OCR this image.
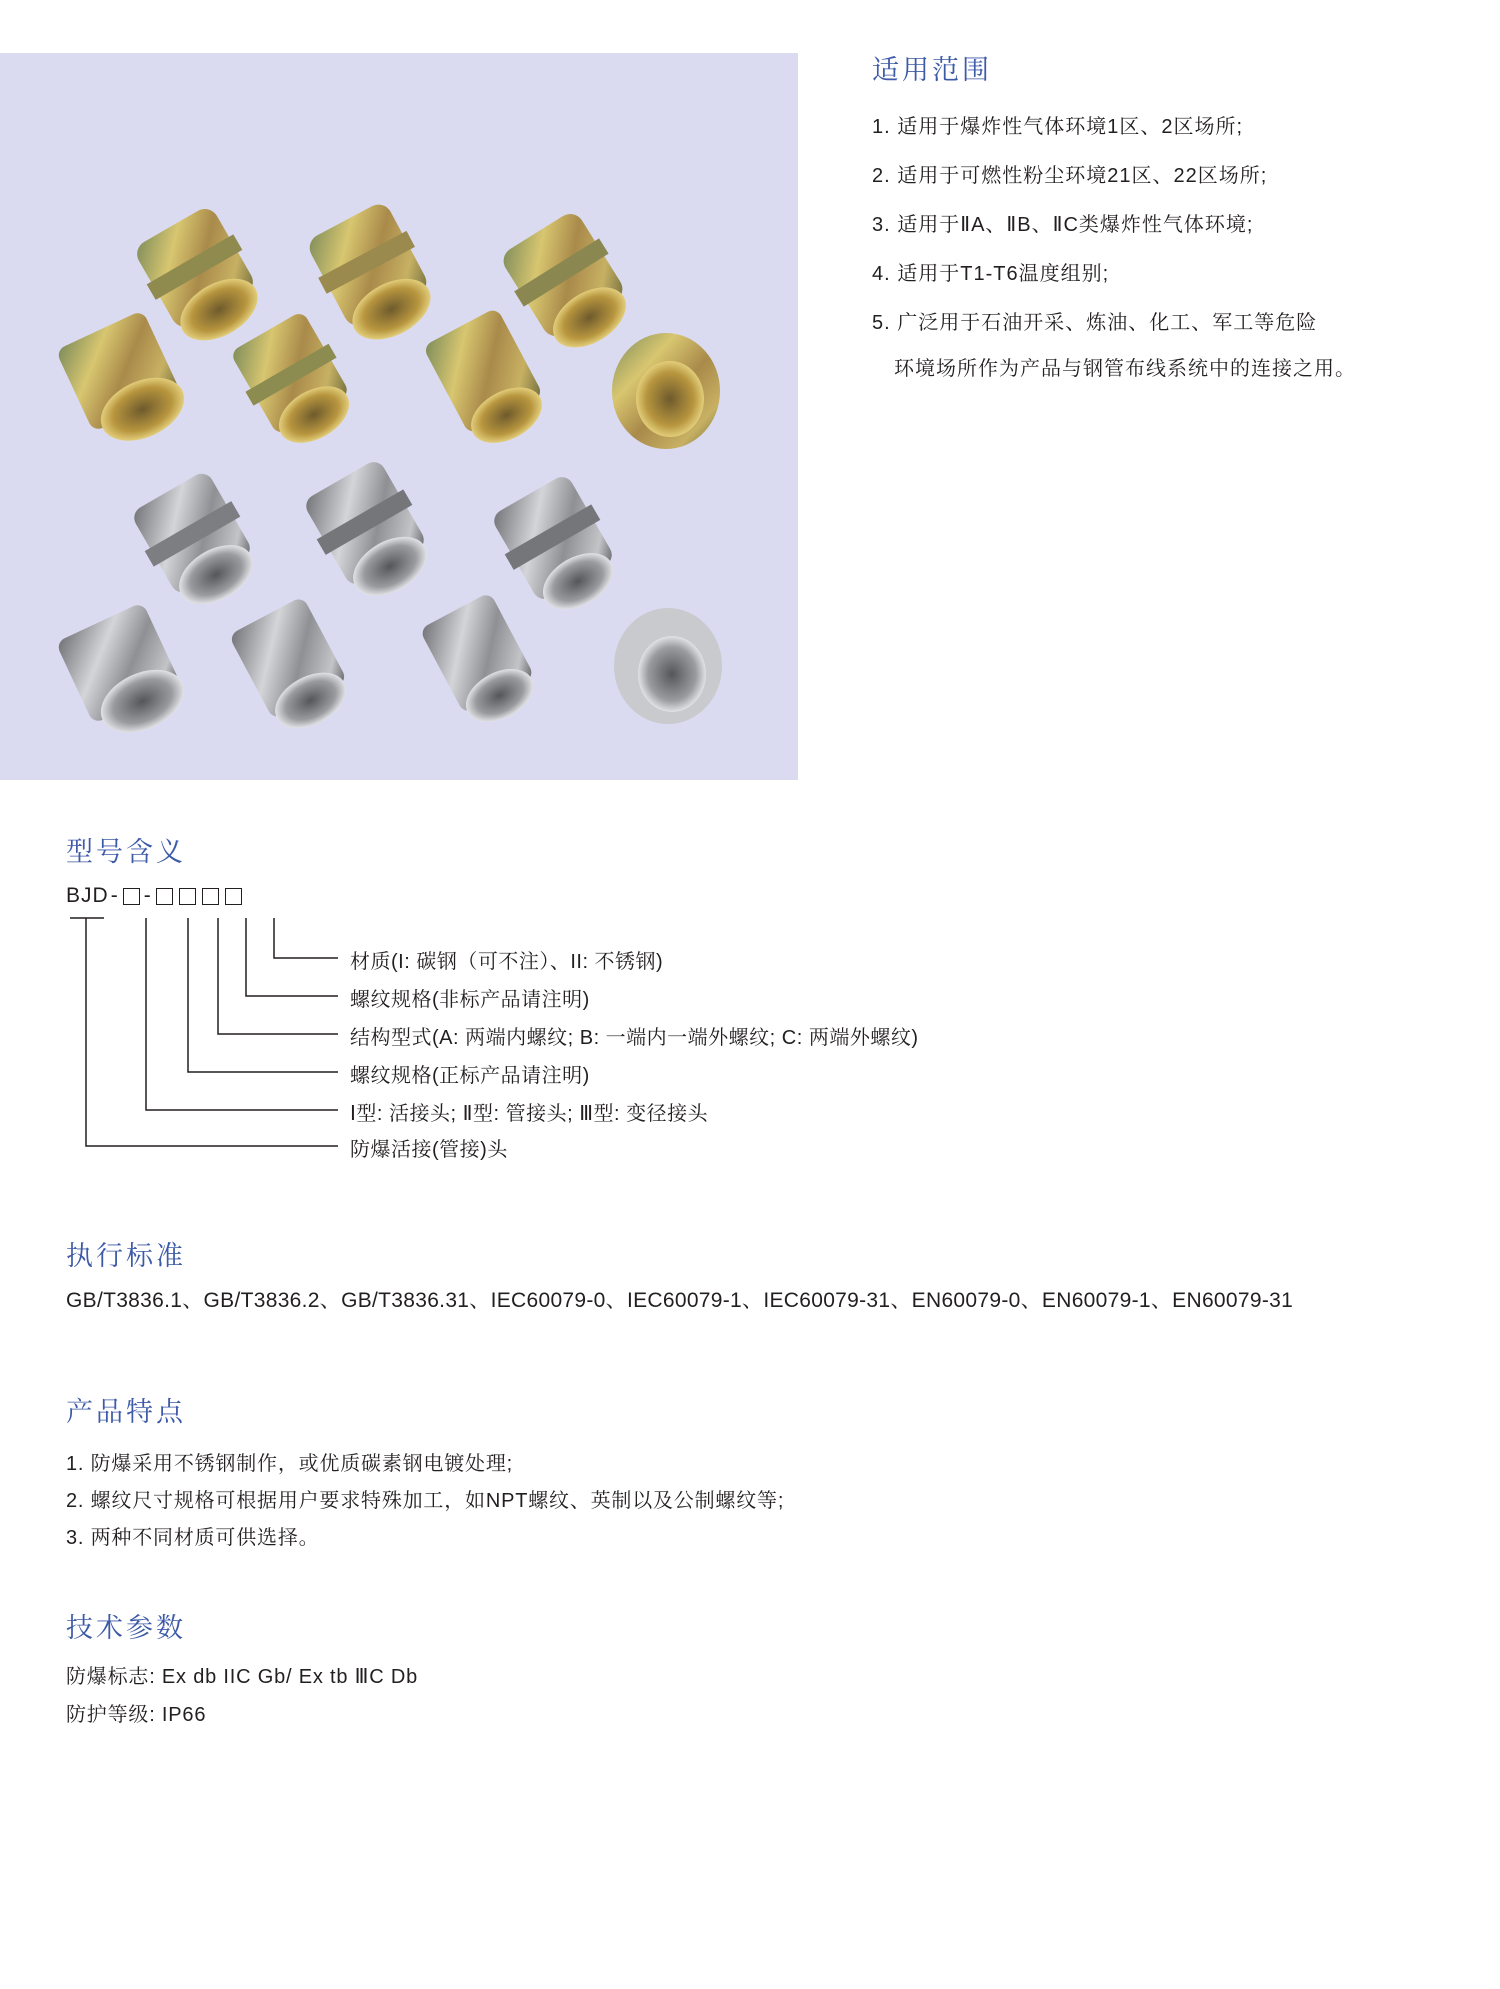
适用范围
1. 适用于爆炸性气体环境1区、2区场所;
2. 适用于可燃性粉尘环境21区、22区场所;
3. 适用于ⅡA、ⅡB、ⅡC类爆炸性气体环境;
4. 适用于T1-T6温度组别;
5. 广泛用于石油开采、炼油、化工、军工等危险
环境场所作为产品与钢管布线系统中的连接之用。
型号含义
BJD - -
材质(I: 碳钢（可不注）、II: 不锈钢)
螺纹规格(非标产品请注明)
结构型式(A: 两端内螺纹; B: 一端内一端外螺纹; C: 两端外螺纹)
螺纹规格(正标产品请注明)
Ⅰ型: 活接头; Ⅱ型: 管接头; Ⅲ型: 变径接头
防爆活接(管接)头
执行标准
GB/T3836.1、GB/T3836.2、GB/T3836.31、IEC60079-0、IEC60079-1、IEC60079-31、EN60079-0、EN60079-1、EN60079-31
产品特点
1. 防爆采用不锈钢制作，或优质碳素钢电镀处理;
2. 螺纹尺寸规格可根据用户要求特殊加工，如NPT螺纹、英制以及公制螺纹等;
3. 两种不同材质可供选择。
技术参数
防爆标志: Ex db IIC Gb/ Ex tb ⅢC Db
防护等级: IP66
